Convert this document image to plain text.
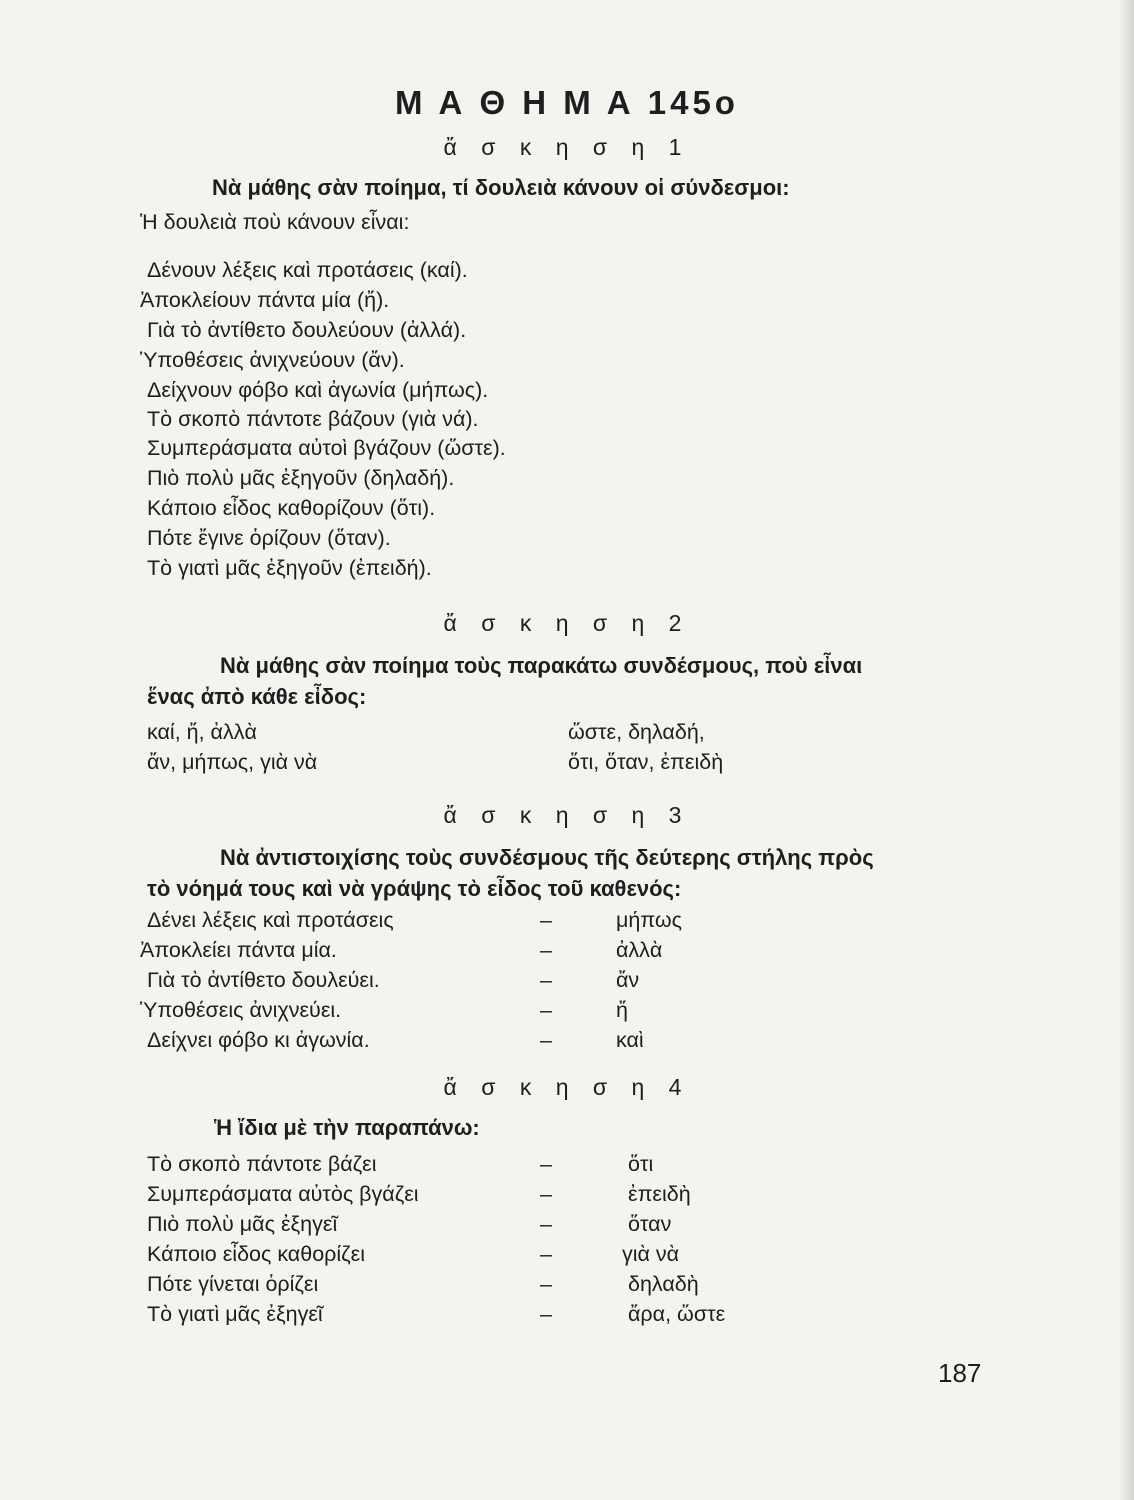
Μ Α Θ Η Μ Α 145ο
ἄ σ κ η σ η 1
Νὰ μάθης σὰν ποίημα, τί δουλειὰ κάνουν οἱ σύνδεσμοι:
Ἡ δουλειὰ ποὺ κάνουν εἶναι:
Δένουν λέξεις καὶ προτάσεις (καί).
Ἀποκλείουν πάντα μία (ἤ).
Γιὰ τὸ ἀντίθετο δουλεύουν (ἀλλά).
Ὑποθέσεις ἀνιχνεύουν (ἄν).
Δείχνουν φόβο καὶ ἀγωνία (μήπως).
Τὸ σκοπὸ πάντοτε βάζουν (γιὰ νά).
Συμπεράσματα αὐτοὶ βγάζουν (ὥστε).
Πιὸ πολὺ μᾶς ἐξηγοῦν (δηλαδή).
Κάποιο εἶδος καθορίζουν (ὅτι).
Πότε ἔγινε ὁρίζουν (ὅταν).
Τὸ γιατὶ μᾶς ἐξηγοῦν (ἐπειδή).
ἄ σ κ η σ η 2
Νὰ μάθης σὰν ποίημα τοὺς παρακάτω συνδέσμους, ποὺ εἶναι
ἕνας ἀπὸ κάθε εἶδος:
καί, ἤ, ἀλλὰ	ὥστε, δηλαδή,
ἄν, μήπως, γιὰ νὰ	ὅτι, ὅταν, ἐπειδὴ
ἄ σ κ η σ η 3
Νὰ ἀντιστοιχίσης τοὺς συνδέσμους τῆς δεύτερης στήλης πρὸς
τὸ νόημά τους καὶ νὰ γράψης τὸ εἶδος τοῦ καθενός:
Δένει λέξεις καὶ προτάσεις	–	μήπως
Ἀποκλείει πάντα μία.	–	ἀλλὰ
Γιὰ τὸ ἀντίθετο δουλεύει.	–	ἄν
Ὑποθέσεις ἀνιχνεύει.	–	ἤ
Δείχνει φόβο κι ἀγωνία.	–	καὶ
ἄ σ κ η σ η 4
Ἡ ἴδια μὲ τὴν παραπάνω:
Τὸ σκοπὸ πάντοτε βάζει	–	ὅτι
Συμπεράσματα αὐτὸς βγάζει	–	ἐπειδὴ
Πιὸ πολὺ μᾶς ἐξηγεῖ	–	ὅταν
Κάποιο εἶδος καθορίζει	–	γιὰ νὰ
Πότε γίνεται ὁρίζει	–	δηλαδὴ
Τὸ γιατὶ μᾶς ἐξηγεῖ	–	ἄρα, ὥστε
187
